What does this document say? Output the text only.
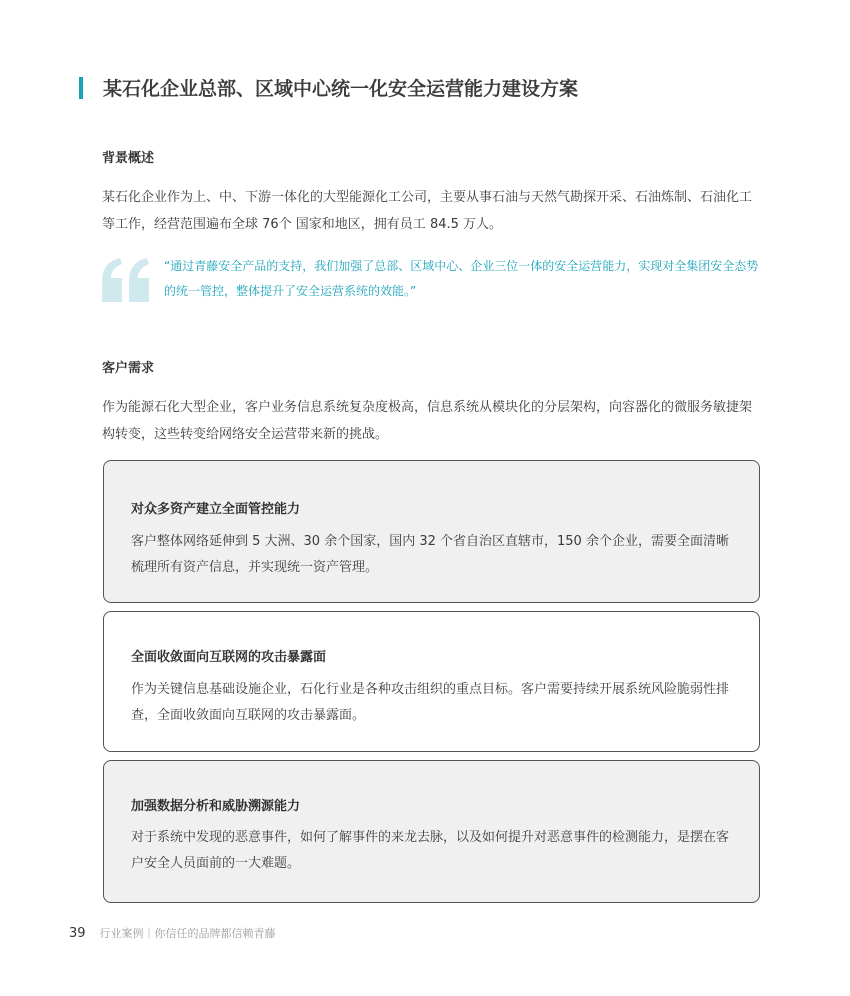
某石化企业总部、区域中心统一化安全运营能力建设方案
背景概述

某石化企业作为上、中、下游一体化的大型能源化工公司，主要从事石油与天然气勘探开采、石油炼制、石油化工等工作，经营范围遍布全球 76个 国家和地区，拥有员工 84.5 万人。

“通过青藤安全产品的支持，我们加强了总部、区域中心、企业三位一体的安全运营能力，实现对全集团安全态势的统一管控，整体提升了安全运营系统的效能。”

客户需求

作为能源石化大型企业，客户业务信息系统复杂度极高，信息系统从模块化的分层架构，向容器化的微服务敏捷架构转变，这些转变给网络安全运营带来新的挑战。

对众多资产建立全面管控能力

客户整体网络延伸到 5 大洲、30 余个国家，国内 32 个省自治区直辖市，150 余个企业，需要全面清晰梳理所有资产信息，并实现统一资产管理。

全面收敛面向互联网的攻击暴露面

作为关键信息基础设施企业，石化行业是各种攻击组织的重点目标。客户需要持续开展系统风险脆弱性排查，全面收敛面向互联网的攻击暴露面。

加强数据分析和威胁溯源能力

对于系统中发现的恶意事件，如何了解事件的来龙去脉，以及如何提升对恶意事件的检测能力，是摆在客户安全人员面前的一大难题。

39 行业案例｜你信任的品牌都信赖青藤
